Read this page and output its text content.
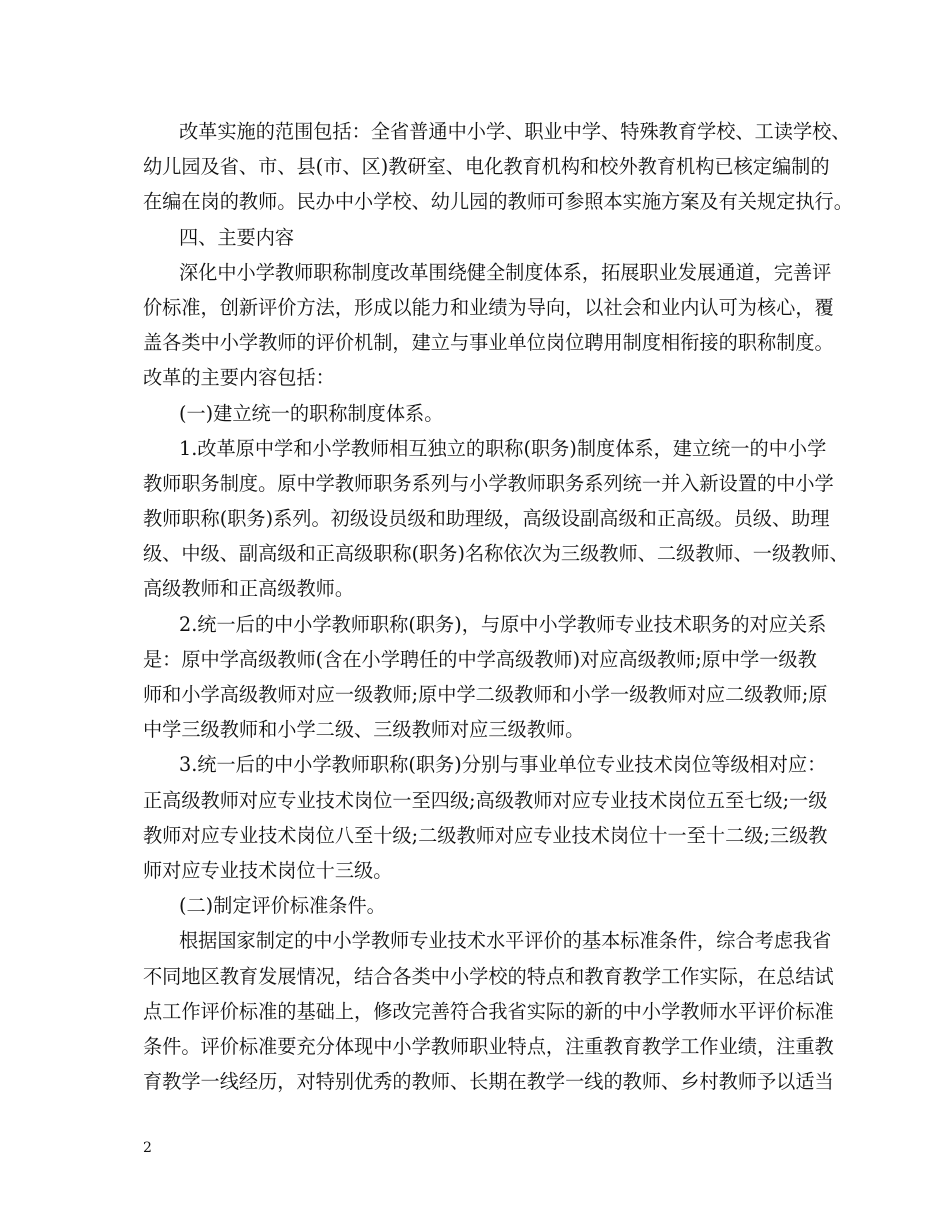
改革实施的范围包括：全省普通中小学、职业中学、特殊教育学校、工读学校、
幼儿园及省、市、县(市、区)教研室、电化教育机构和校外教育机构已核定编制的
在编在岗的教师。民办中小学校、幼儿园的教师可参照本实施方案及有关规定执行。
四、主要内容
深化中小学教师职称制度改革围绕健全制度体系，拓展职业发展通道，完善评
价标准，创新评价方法，形成以能力和业绩为导向，以社会和业内认可为核心，覆
盖各类中小学教师的评价机制，建立与事业单位岗位聘用制度相衔接的职称制度。
改革的主要内容包括：
(一)建立统一的职称制度体系。
1.改革原中学和小学教师相互独立的职称(职务)制度体系，建立统一的中小学
教师职务制度。原中学教师职务系列与小学教师职务系列统一并入新设置的中小学
教师职称(职务)系列。初级设员级和助理级，高级设副高级和正高级。员级、助理
级、中级、副高级和正高级职称(职务)名称依次为三级教师、二级教师、一级教师、
高级教师和正高级教师。
2.统一后的中小学教师职称(职务)，与原中小学教师专业技术职务的对应关系
是：原中学高级教师(含在小学聘任的中学高级教师)对应高级教师;原中学一级教
师和小学高级教师对应一级教师;原中学二级教师和小学一级教师对应二级教师;原
中学三级教师和小学二级、三级教师对应三级教师。
3.统一后的中小学教师职称(职务)分别与事业单位专业技术岗位等级相对应：
正高级教师对应专业技术岗位一至四级;高级教师对应专业技术岗位五至七级;一级
教师对应专业技术岗位八至十级;二级教师对应专业技术岗位十一至十二级;三级教
师对应专业技术岗位十三级。
(二)制定评价标准条件。
根据国家制定的中小学教师专业技术水平评价的基本标准条件，综合考虑我省
不同地区教育发展情况，结合各类中小学校的特点和教育教学工作实际，在总结试
点工作评价标准的基础上，修改完善符合我省实际的新的中小学教师水平评价标准
条件。评价标准要充分体现中小学教师职业特点，注重教育教学工作业绩，注重教
育教学一线经历，对特别优秀的教师、长期在教学一线的教师、乡村教师予以适当
2
